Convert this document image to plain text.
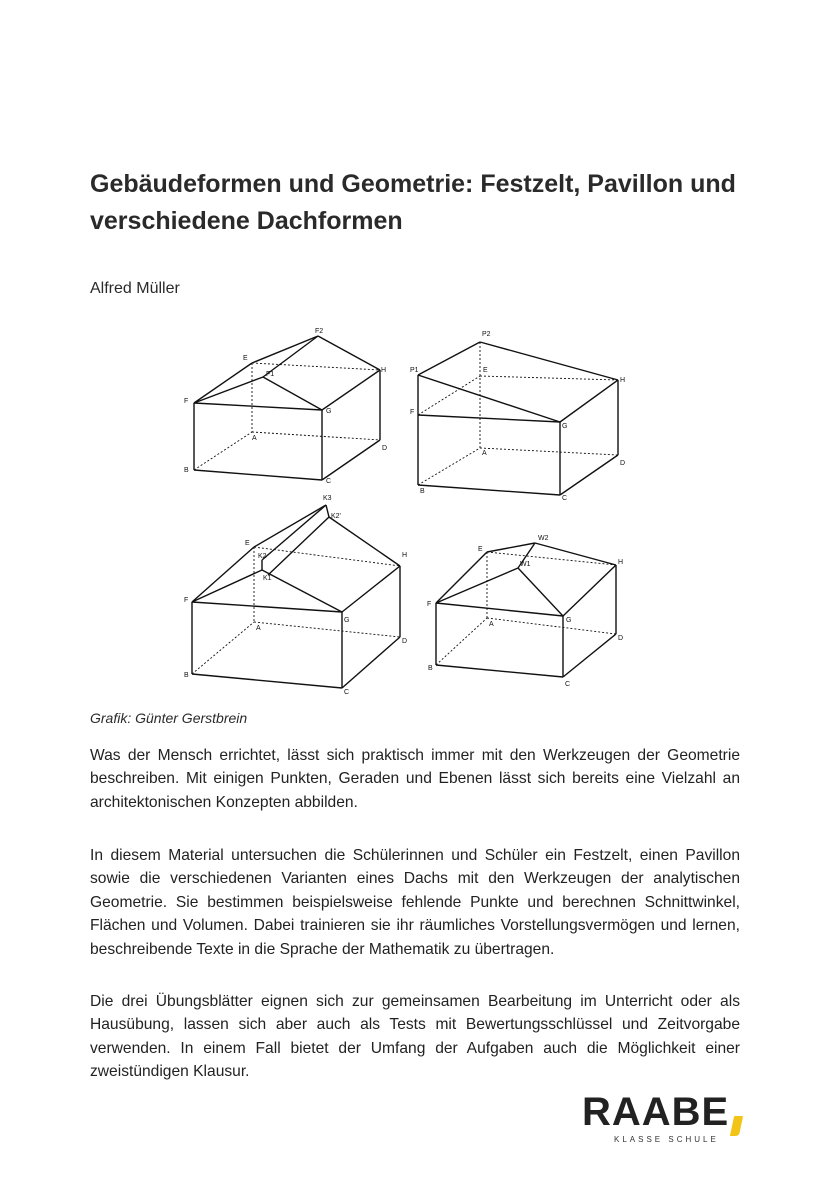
Gebäudeformen und Geometrie: Festzelt, Pavillon und verschiedene Dachformen

Alfred Müller

F2
E
F1
H
F
G
A
D
B
C
P2
P1	E
H
F
G
A
D
B
C
K3
K2'
E
K2
K1
H
F
G
A
D
B
C
W2
E
W1	H
F
G
A
D
B
C

Grafik: Günter Gerstbrein

Was der Mensch errichtet, lässt sich praktisch immer mit den Werkzeugen der Geometrie beschreiben. Mit einigen Punkten, Geraden und Ebenen lässt sich bereits eine Vielzahl an architektonischen Konzepten abbilden.

In diesem Material untersuchen die Schülerinnen und Schüler ein Festzelt, einen Pavillon sowie die verschiedenen Varianten eines Dachs mit den Werkzeugen der analytischen Geometrie. Sie bestimmen beispielsweise fehlende Punkte und berechnen Schnittwinkel, Flächen und Volumen. Dabei trainieren sie ihr räumliches Vorstellungsvermögen und lernen, beschreibende Texte in die Sprache der Mathematik zu übertragen.

Die drei Übungsblätter eignen sich zur gemeinsamen Bearbeitung im Unterricht oder als Hausübung, lassen sich aber auch als Tests mit Bewertungsschlüssel und Zeitvorgabe verwenden. In einem Fall bietet der Umfang der Aufgaben auch die Möglichkeit einer zweistündigen Klausur.

RAABE
KLASSE SCHULE
